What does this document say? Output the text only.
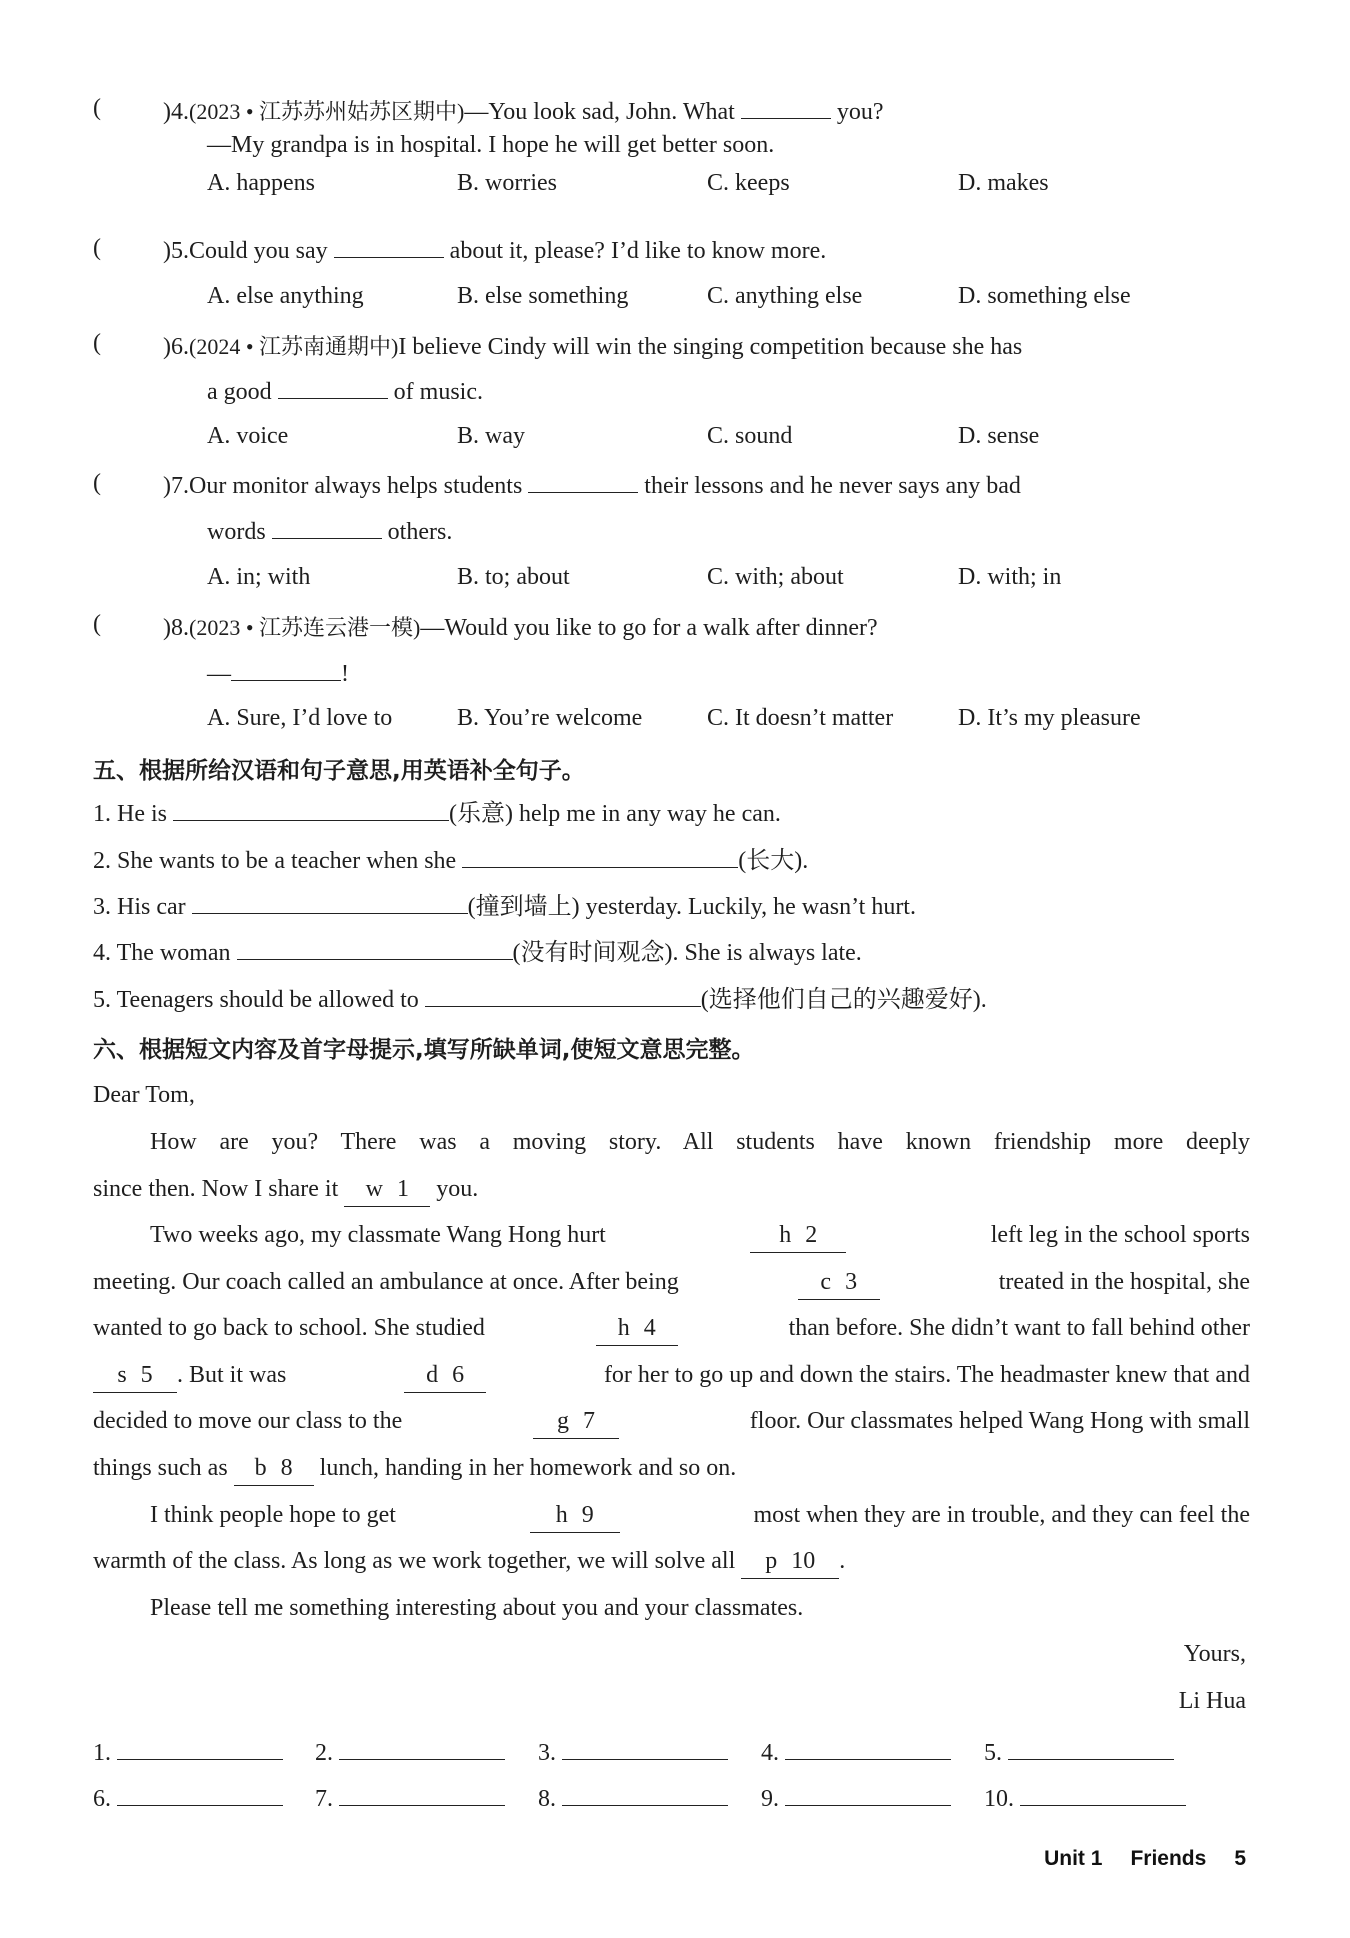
(	)4.(2023 • 江苏苏州姑苏区期中)—You look sad, John. What	you?
—My grandpa is in hospital. I hope he will get better soon.
A. happens	B. worries	C. keeps	D. makes
(	)5.Could you say	about it, please? I’d like to know more.
A. else anything	B. else something	C. anything else	D. something else
(	)6.(2024 • 江苏南通期中)I believe Cindy will win the singing competition because she has
a good	of music.
A. voice	B. way	C. sound	D. sense
(	)7.Our monitor always helps students	their lessons and he never says any bad
words	others.
A. in; with	B. to; about	C. with; about	D. with; in
(	)8.(2023 • 江苏连云港一模)—Would you like to go for a walk after dinner?
—	!
A. Sure, I’d love to	B. You’re welcome	C. It doesn’t matter	D. It’s my pleasure
五、根据所给汉语和句子意思,用英语补全句子。
1. He is	(乐意) help me in any way he can.
2. She wants to be a teacher when she	(长大).
3. His car	(撞到墙上) yesterday. Luckily, he wasn’t hurt.
4. The woman	(没有时间观念). She is always late.
5. Teenagers should be allowed to	(选择他们自己的兴趣爱好).
六、根据短文内容及首字母提示,填写所缺单词,使短文意思完整。
Dear Tom,
How are you? There was a moving story. All students have known friendship more deeply
since then. Now I share it w 1 you.
Two weeks ago, my classmate Wang Hong hurt	h 2	left leg in the school sports
meeting. Our coach called an ambulance at once. After being	c 3	treated in the hospital, she
wanted to go back to school. She studied	h 4	than before. She didn’t want to fall behind other
s 5 . But it was	d 6	for her to go up and down the stairs. The headmaster knew that and
decided to move our class to the	g 7	floor. Our classmates helped Wang Hong with small
things such as b 8 lunch, handing in her homework and so on.
I think people hope to get	h 9	most when they are in trouble, and they can feel the
warmth of the class. As long as we work together, we will solve all p 10 .
Please tell me something interesting about you and your classmates.
Yours,
Li Hua
1.	2.	3.	4.	5.
6.	7.	8.	9.	10.
Unit 1 Friends 5
